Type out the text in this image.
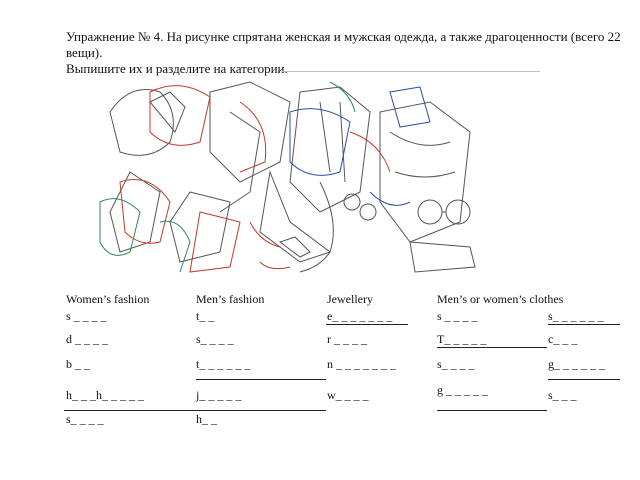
Упражнение № 4. На рисунке спрятана женская и мужская одежда, а также драгоценности (всего 22 вещи).
Выпишите их и разделите на категории.
Women’s fashion
s _ _ _ _
d _ _ _ _
b _ _
h_ _ _h_ _ _ _ _
s_ _ _ _
Men’s fashion
t_ _
s_ _ _ _
t_ _ _ _ _ _
j_ _ _ _ _
h_ _
Jewellery
e_ _ _ _ _ _ _
r _ _ _ _
n _ _ _ _ _ _ _
w_ _ _ _
Men’s or women’s clothes
s _ _ _ _
T_ _ _ _ _
s_ _ _ _
g _ _ _ _ _
s_ _ _ _ _ _
c_ _ _
g_ _ _ _ _ _
s_ _ _
